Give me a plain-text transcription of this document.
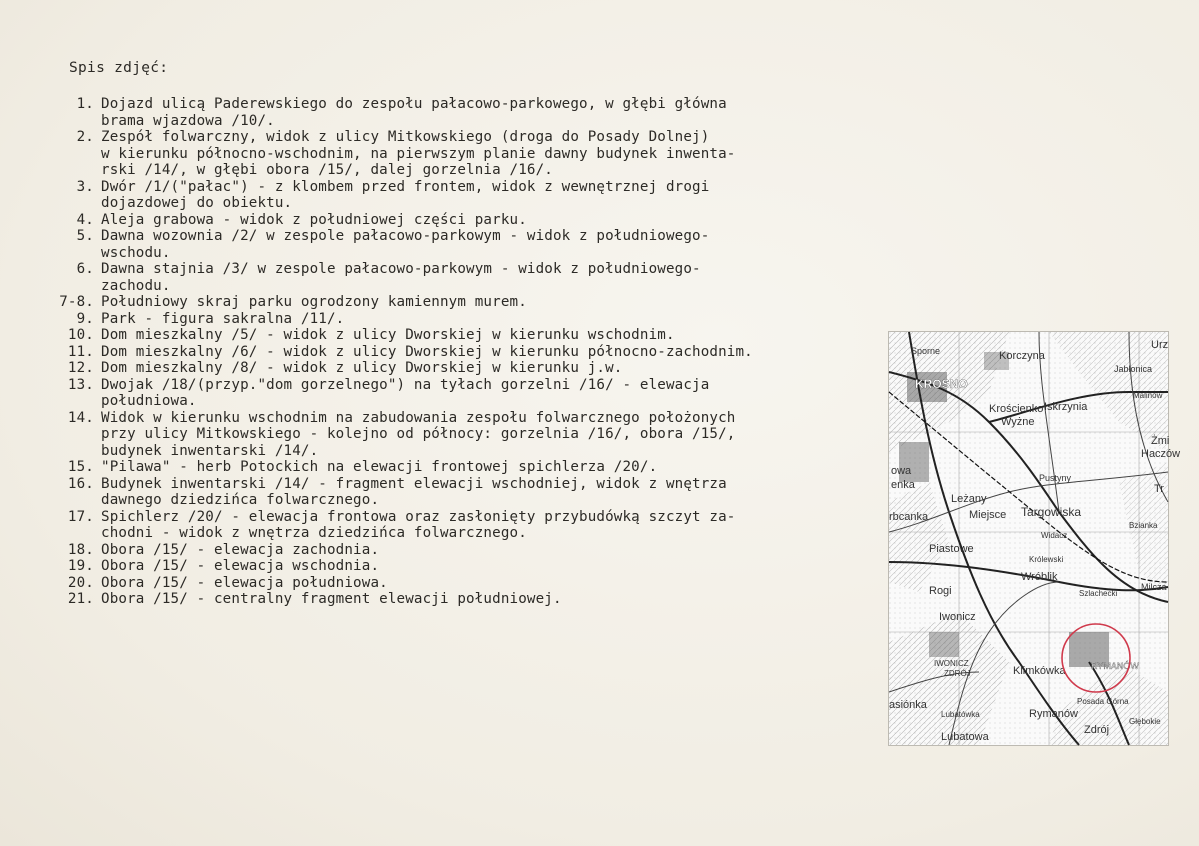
Spis zdjęć:
1. Dojazd ulicą Paderewskiego do zespołu pałacowo-parkowego, w głębi główna
brama wjazdowa /10/.
2. Zespół folwarczny, widok z ulicy Mitkowskiego (droga do Posady Dolnej)
w kierunku północno-wschodnim, na pierwszym planie dawny budynek inwenta-
rski /14/, w głębi obora /15/, dalej gorzelnia /16/.
3. Dwór /1/("pałac") - z klombem przed frontem, widok z wewnętrznej drogi
dojazdowej do obiektu.
4. Aleja grabowa - widok z południowej części parku.
5. Dawna wozownia /2/ w zespole pałacowo-parkowym - widok z południowego-
wschodu.
6. Dawna stajnia /3/ w zespole pałacowo-parkowym - widok z południowego-
zachodu.
7-8. Południowy skraj parku ogrodzony kamiennym murem.
9. Park - figura sakralna /11/.
10. Dom mieszkalny /5/ - widok z ulicy Dworskiej w kierunku wschodnim.
11. Dom mieszkalny /6/ - widok z ulicy Dworskiej w kierunku północno-zachodnim.
12. Dom mieszkalny /8/ - widok z ulicy Dworskiej w kierunku j.w.
13. Dwojak /18/(przyp."dom gorzelnego") na tyłach gorzelni /16/ - elewacja
południowa.
14. Widok w kierunku wschodnim na zabudowania zespołu folwarcznego położonych
przy ulicy Mitkowskiego - kolejno od północy: gorzelnia /16/, obora /15/,
budynek inwentarski /14/.
15. "Pilawa" - herb Potockich na elewacji frontowej spichlerza /20/.
16. Budynek inwentarski /14/ - fragment elewacji wschodniej, widok z wnętrza
dawnego dziedzińca folwarcznego.
17. Spichlerz /20/ - elewacja frontowa oraz zasłonięty przybudówką szczyt za-
chodni - widok z wnętrza dziedzińca folwarcznego.
18. Obora /15/ - elewacja zachodnia.
19. Obora /15/ - elewacja wschodnia.
20. Obora /15/ - elewacja południowa.
21. Obora /15/ - centralny fragment elewacji południowej.
Sporne
KROSNO
Korczyna
Jabłonica
Urz
Malinów
Iskrzynia
Krościenko
Wyżne
Żmi
Haczów
owa
enka
Pustyny
Leżany
Tr
rbcanka	Miejsce Targowiska
Bzianka
Widacz
Piastowe
Królewski
Wróblik
Milcza
Szlachecki
Rogi
Iwonicz
IWONICZ
ZDRÓJ	Klimkówka	RYMANÓW
Lubatówka
Posada Górna
Rymanów
Zdrój
Głębokie
asiónka
Lubatowa
